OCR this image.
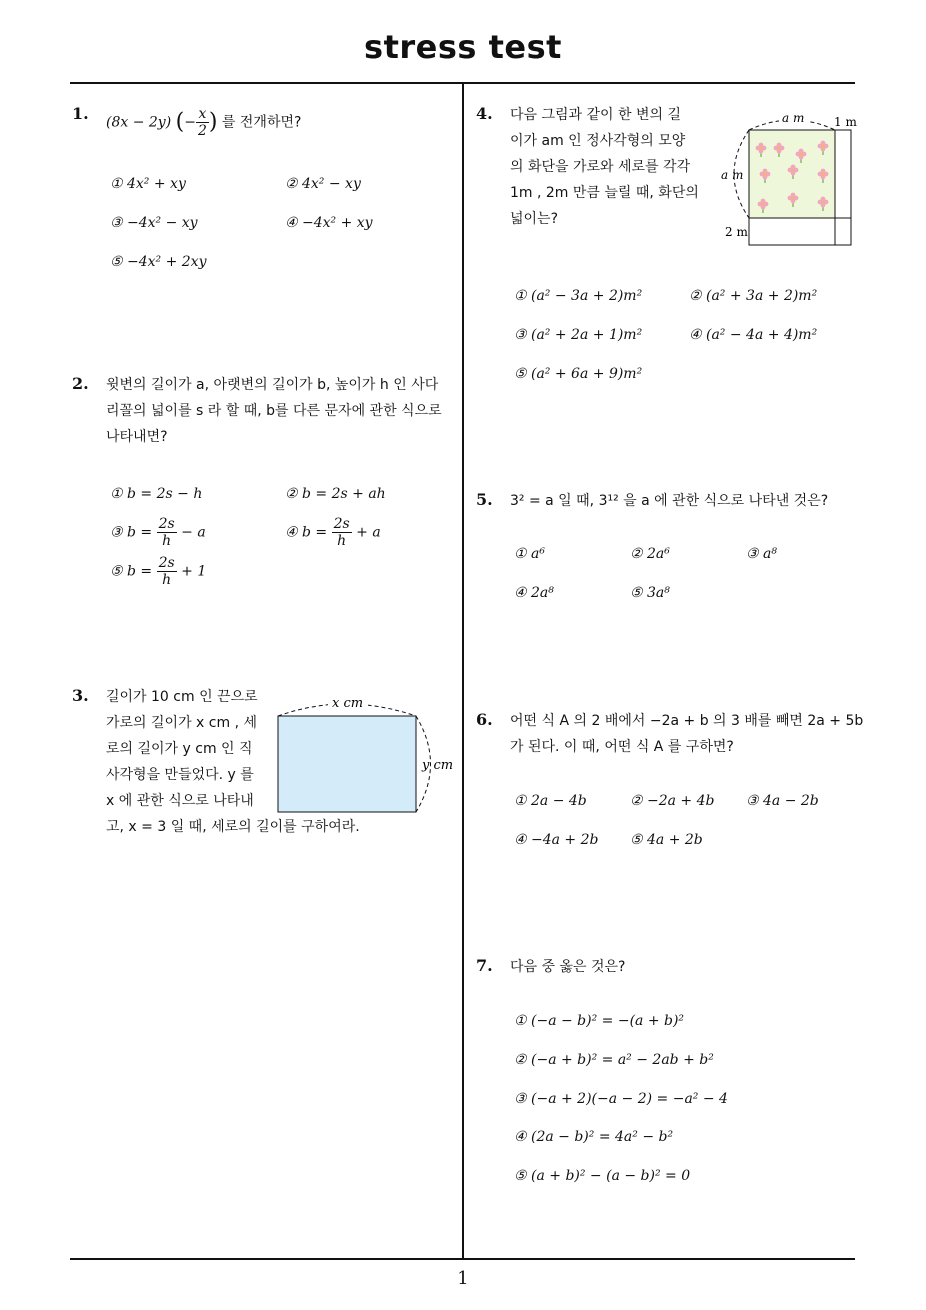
stress test
1
1. (8x − 2y) (− $\frac{x}{2}$ ) 를 전개하면?
① 4x² + xy	② 4x² − xy
③ −4x² − xy	④ −4x² + xy
⑤ −4x² + 2xy
2. 윗변의 길이가 a, 아랫변의 길이가 b, 높이가 h 인 사다
리꼴의 넓이를 s 라 할 때, b를 다른 문자에 관한 식으로
나타내면?
① b = 2s − h	② b = 2s + ah
③ $b = \frac{2s}{h} - a$	④ $b = \frac{2s}{h} + a$
⑤ $b = \frac{2s}{h} + 1$
3. 길이가 10 cm 인 끈으로
가로의 길이가 x cm , 세
로의 길이가 y cm 인 직
사각형을 만들었다. y 를
x 에 관한 식으로 나타내
고, x = 3 일 때, 세로의 길이를 구하여라.
x cm
y cm
4. 다음 그림과 같이 한 변의 길
이가 am 인 정사각형의 모양
의 화단을 가로와 세로를 각각
1m , 2m 만큼 늘릴 때, 화단의
넓이는?
a m 1 m
a m
2 m
① (a² − 3a + 2)m²	② (a² + 3a + 2)m²
③ (a² + 2a + 1)m²	④ (a² − 4a + 4)m²
⑤ (a² + 6a + 9)m²
5. 3² = a 일 때, 3¹² 을 a 에 관한 식으로 나타낸 것은?
① a⁶	② 2a⁶	③ a⁸
④ 2a⁸	⑤ 3a⁸
6. 어떤 식 A 의 2 배에서 −2a + b 의 3 배를 빼면 2a + 5b
가 된다. 이 때, 어떤 식 A 를 구하면?
① 2a − 4b	② −2a + 4b ③ 4a − 2b
④ −4a + 2b ⑤ 4a + 2b
7. 다음 중 옳은 것은?
① (−a − b)² = −(a + b)²
② (−a + b)² = a² − 2ab + b²
③ (−a + 2)(−a − 2) = −a² − 4
④ (2a − b)² = 4a² − b²
⑤ (a + b)² − (a − b)² = 0
